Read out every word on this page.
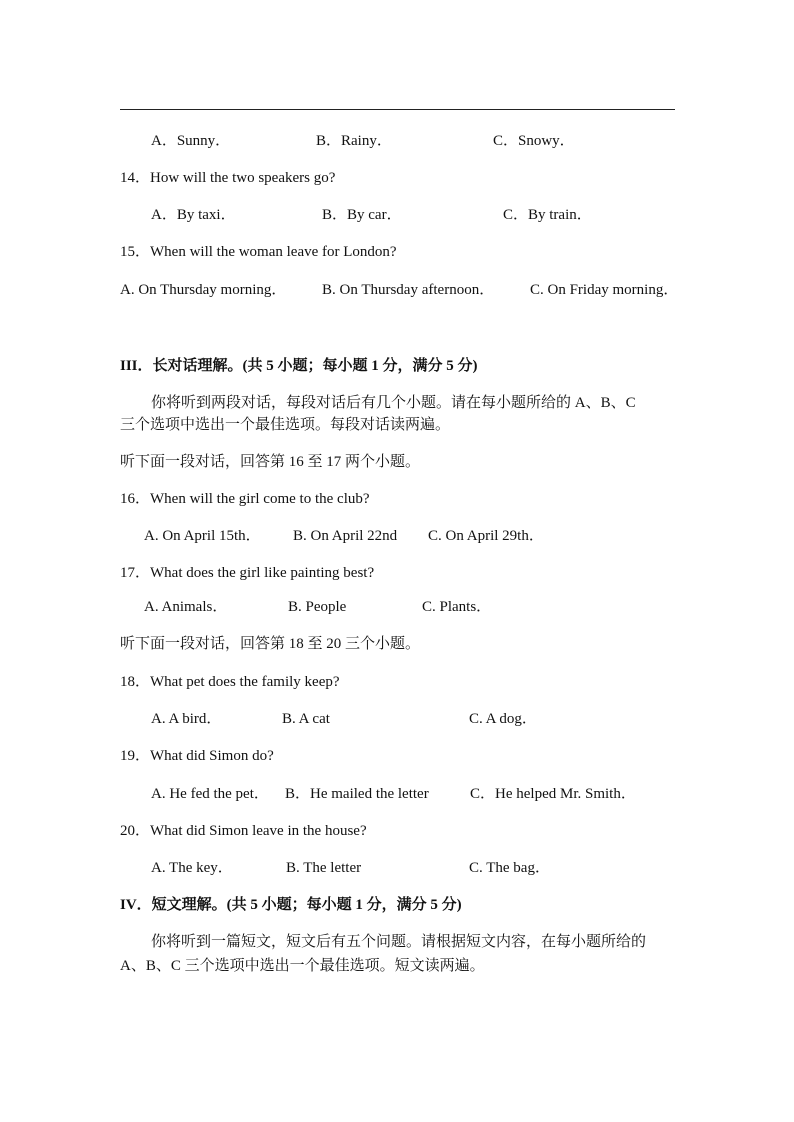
A．Sunny．	B．Rainy．	C．Snowy．
14．How will the two speakers go?
A．By taxi．	B．By car．	C．By train．
15．When will the woman leave for London?
A. On Thursday morning． B. On Thursday afternoon． C. On Friday morning．
III．长对话理解。(共 5 小题；每小题 1 分，满分 5 分)
你将听到两段对话，每段对话后有几个小题。请在每小题所给的 A、B、C
三个选项中选出一个最佳选项。每段对话读两遍。
听下面一段对话，回答第 16 至 17 两个小题。
16．When will the girl come to the club?
A. On April 15th． B. On April 22nd C. On April 29th．
17．What does the girl like painting best?
A. Animals．	B. People	C. Plants．
听下面一段对话，回答第 18 至 20 三个小题。
18．What pet does the family keep?
A. A bird．	B. A cat	C. A dog．
19．What did Simon do?
A. He fed the pet． B．He mailed the letter	C．He helped Mr. Smith．
20．What did Simon leave in the house?
A. The key．	B. The letter	C. The bag．
IV．短文理解。(共 5 小题；每小题 1 分，满分 5 分)
你将听到一篇短文，短文后有五个问题。请根据短文内容，在每小题所给的
A、B、C 三个选项中选出一个最佳选项。短文读两遍。
